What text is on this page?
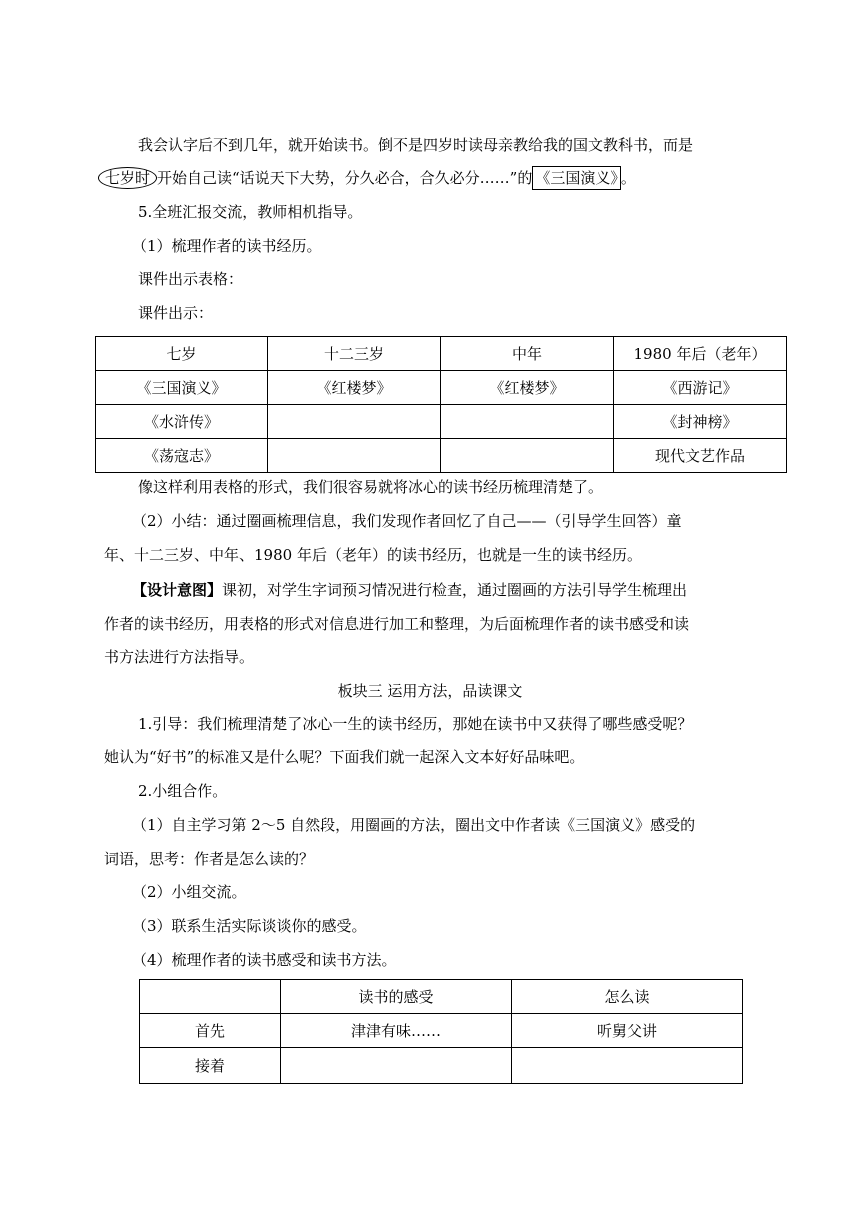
我会认字后不到几年，就开始读书。倒不是四岁时读母亲教给我的国文教科书，而是
七岁时 开始自己读“话说天下大势，分久必合，合久必分……”的 《三国演义》 。
5.全班汇报交流，教师相机指导。
（1）梳理作者的读书经历。
课件出示表格：
课件出示：
七岁	十二三岁	中年	1980 年后（老年）
《三国演义》	《红楼梦》	《红楼梦》	《西游记》
《水浒传》			《封神榜》
《荡寇志》			现代文艺作品
像这样利用表格的形式，我们很容易就将冰心的读书经历梳理清楚了。
（2）小结：通过圈画梳理信息，我们发现作者回忆了自己——（引导学生回答）童
年、十二三岁、中年、1980 年后（老年）的读书经历，也就是一生的读书经历。
【设计意图】课初，对学生字词预习情况进行检查，通过圈画的方法引导学生梳理出
作者的读书经历，用表格的形式对信息进行加工和整理，为后面梳理作者的读书感受和读
书方法进行方法指导。
板块三 运用方法，品读课文
1.引导：我们梳理清楚了冰心一生的读书经历，那她在读书中又获得了哪些感受呢？
她认为“好书”的标准又是什么呢？下面我们就一起深入文本好好品味吧。
2.小组合作。
（1）自主学习第 2～5 自然段，用圈画的方法，圈出文中作者读《三国演义》感受的
词语，思考：作者是怎么读的？
（2）小组交流。
（3）联系生活实际谈谈你的感受。
（4）梳理作者的读书感受和读书方法。
	读书的感受	怎么读
首先	津津有味……	听舅父讲
接着		
